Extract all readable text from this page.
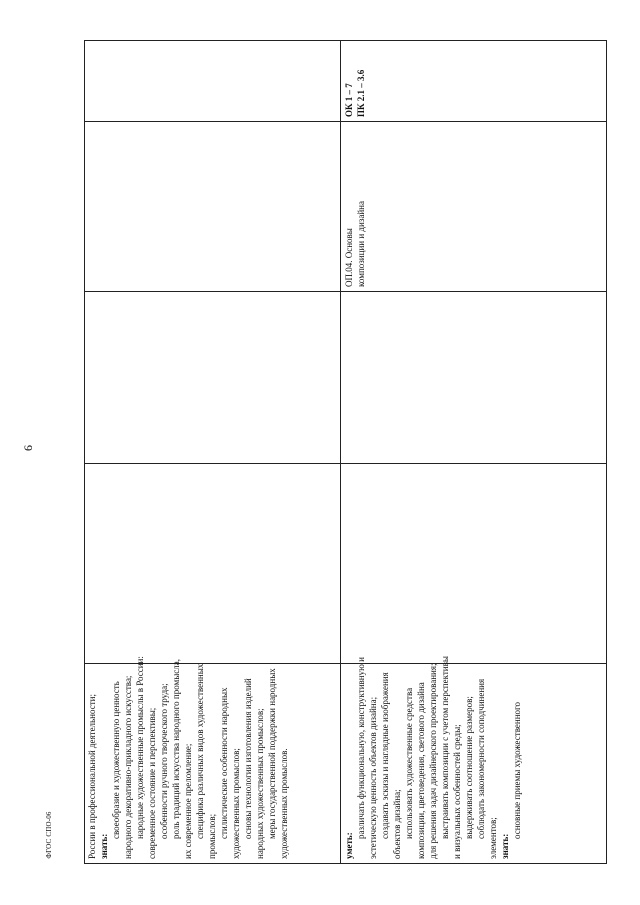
9
ФГОС СПО-06	России в профессиональной деятельности; знать:
своеобразие и художественную ценность народного декоративно-прикладного искусства; народные художественные промыслы в России: современное состояние и перспективы; особенности ручного творческого труда; роль традиций искусства народного промысла, их современное преломление; специфика различных видов художественных промыслов; стилистические особенности народных художественных промыслов; основы технологии изготовления изделий народных художественных промыслов; меры государственной поддержки народных художественных промыслов.	уметь:
различать функциональную, конструктивную и эстетическую ценность объектов дизайна; создавать эскизы и наглядные изображения объектов дизайна; использовать художественные средства композиции, цветоведения, светового дизайна для решения задач дизайнерского проектирования; выстраивать композиции с учетом перспективы и визуальных особенностей среды; выдерживать соотношение размеров; соблюдать закономерности соподчинения элементов; знать:
основные приемы художественного
ОП.04. Основы композиции и дизайна
ОК 1 – 7 ПК 2.1 – 3.6
